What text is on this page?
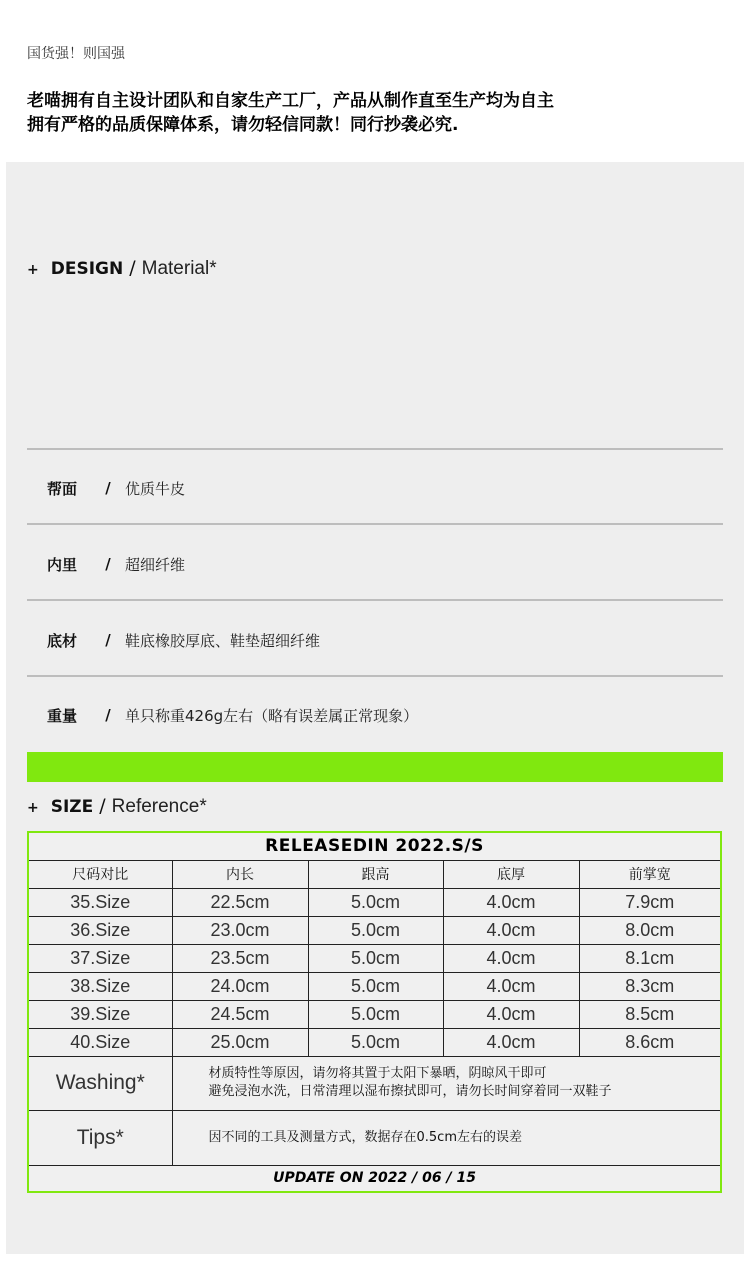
国货强！则国强
老喵拥有自主设计团队和自家生产工厂，产品从制作直至生产均为自主
拥有严格的品质保障体系，请勿轻信同款！同行抄袭必究.
+ DESIGN / Material*
帮面	/ 优质牛皮
内里	/ 超细纤维
底材	/ 鞋底橡胶厚底、鞋垫超细纤维
重量	/ 单只称重426g左右（略有误差属正常现象）
+ SIZE / Reference*
RELEASEDIN 2022.S/S				
尺码对比	内长	跟高	底厚	前掌宽
35.Size	22.5cm	5.0cm	4.0cm	7.9cm
36.Size	23.0cm	5.0cm	4.0cm	8.0cm
37.Size	23.5cm	5.0cm	4.0cm	8.1cm
38.Size	24.0cm	5.0cm	4.0cm	8.3cm
39.Size	24.5cm	5.0cm	4.0cm	8.5cm
40.Size	25.0cm	5.0cm	4.0cm	8.6cm
Washing*	材质特性等原因，请勿将其置于太阳下暴晒，阴晾风干即可
避免浸泡水洗，日常清理以湿布擦拭即可，请勿长时间穿着同一双鞋子			

Tips*	因不同的工具及测量方式，数据存在0.5cm左右的误差			
UPDATE ON 2022 / 06 / 15				
